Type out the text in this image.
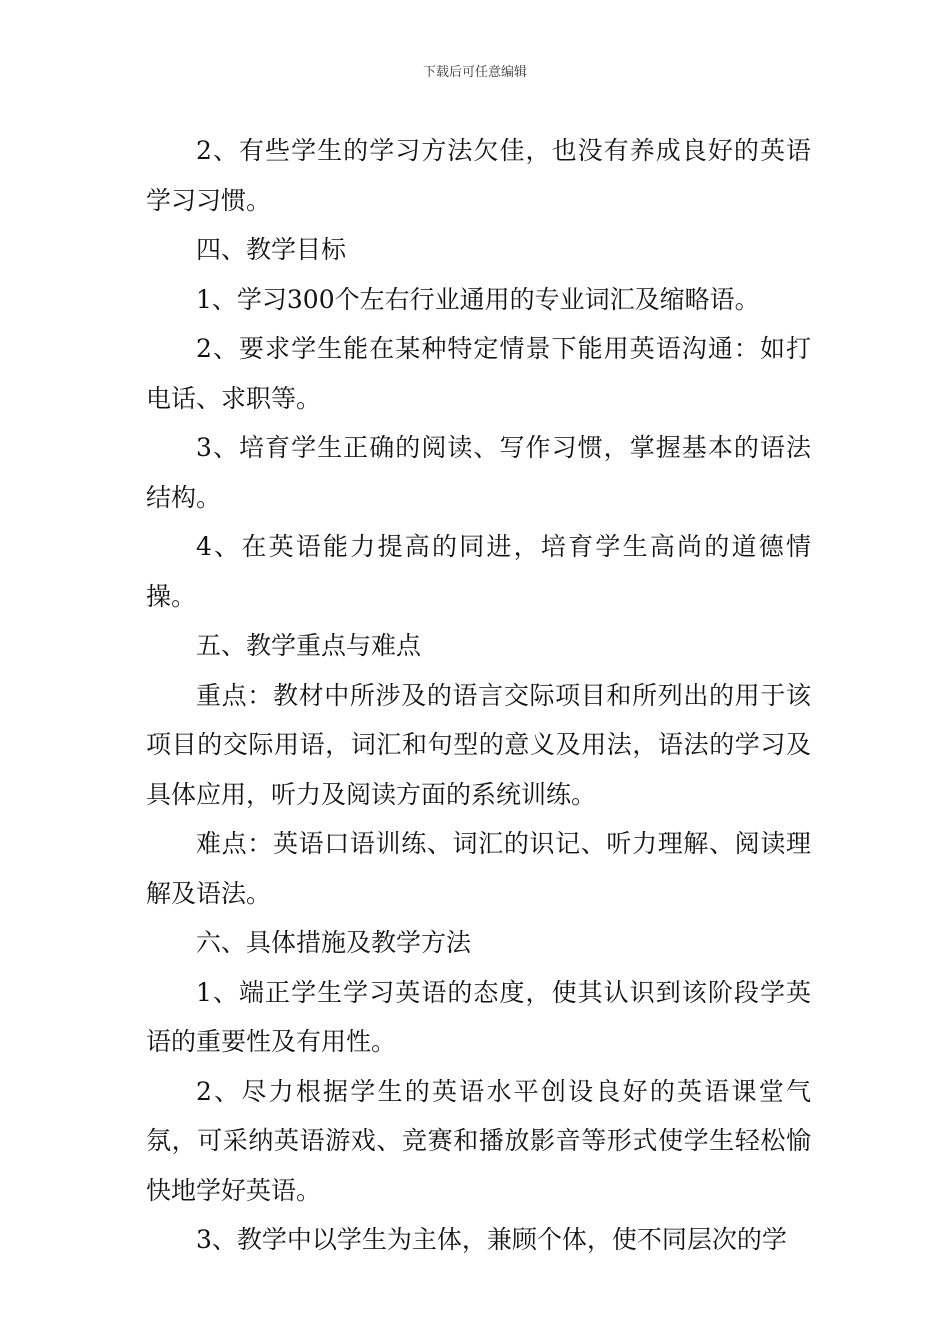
下载后可任意编辑

2、有些学生的学习方法欠佳，也没有养成良好的英语学习习惯。

四、教学目标

1、学习300个左右行业通用的专业词汇及缩略语。

2、要求学生能在某种特定情景下能用英语沟通：如打电话、求职等。

3、培育学生正确的阅读、写作习惯，掌握基本的语法结构。

4、在英语能力提高的同进，培育学生高尚的道德情操。

五、教学重点与难点

重点：教材中所涉及的语言交际项目和所列出的用于该项目的交际用语，词汇和句型的意义及用法，语法的学习及具体应用，听力及阅读方面的系统训练。

难点：英语口语训练、词汇的识记、听力理解、阅读理解及语法。

六、具体措施及教学方法

1、端正学生学习英语的态度，使其认识到该阶段学英语的重要性及有用性。

2、尽力根据学生的英语水平创设良好的英语课堂气氛，可采纳英语游戏、竞赛和播放影音等形式使学生轻松愉快地学好英语。

3、教学中以学生为主体，兼顾个体，使不同层次的学
